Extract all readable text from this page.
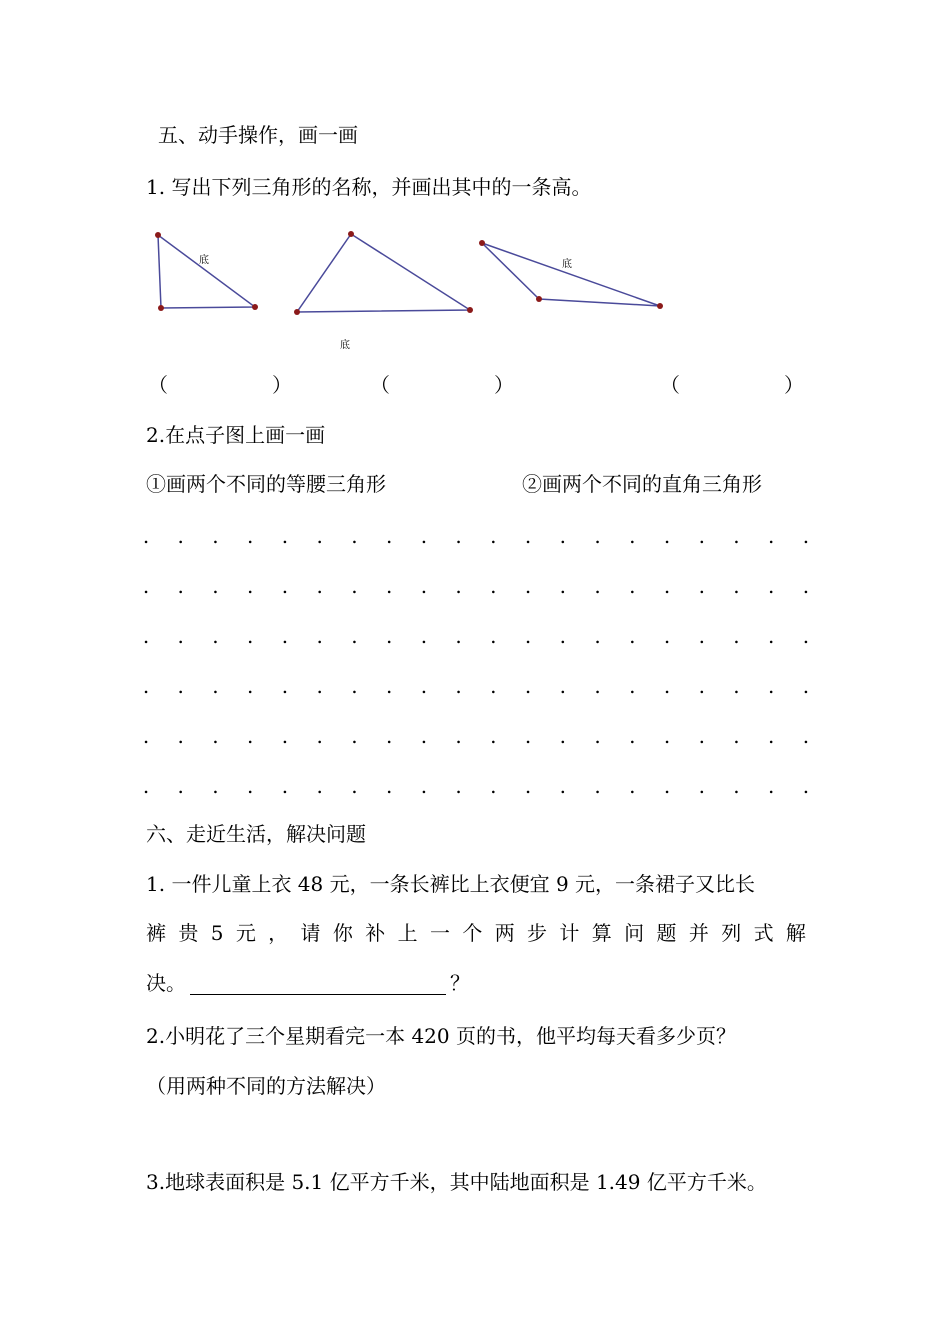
五、动手操作，画一画
1. 写出下列三角形的名称，并画出其中的一条高。
底
底
底
（	）	（	）	（	）
2.在点子图上画一画
①画两个不同的等腰三角形	②画两个不同的直角三角形
.	.	.	.	.	.	.	.	.	.	.	.	.	.	.	.	.	.	.	.
.	.	.	.	.	.	.	.	.	.	.	.	.	.	.	.	.	.	.	.
.	.	.	.	.	.	.	.	.	.	.	.	.	.	.	.	.	.	.	.
.	.	.	.	.	.	.	.	.	.	.	.	.	.	.	.	.	.	.	.
.	.	.	.	.	.	.	.	.	.	.	.	.	.	.	.	.	.	.	.
.	.	.	.	.	.	.	.	.	.	.	.	.	.	.	.	.	.	.	.
六、走近生活，解决问题
1. 一件儿童上衣 48 元，一条长裤比上衣便宜 9 元，一条裙子又比长
裤 贵 5 元 ， 请 你 补 上 一 个 两 步 计 算 问 题 并 列 式 解
决。	？
2.小明花了三个星期看完一本 420 页的书，他平均每天看多少页？
（用两种不同的方法解决）
3.地球表面积是 5.1 亿平方千米，其中陆地面积是 1.49 亿平方千米。
